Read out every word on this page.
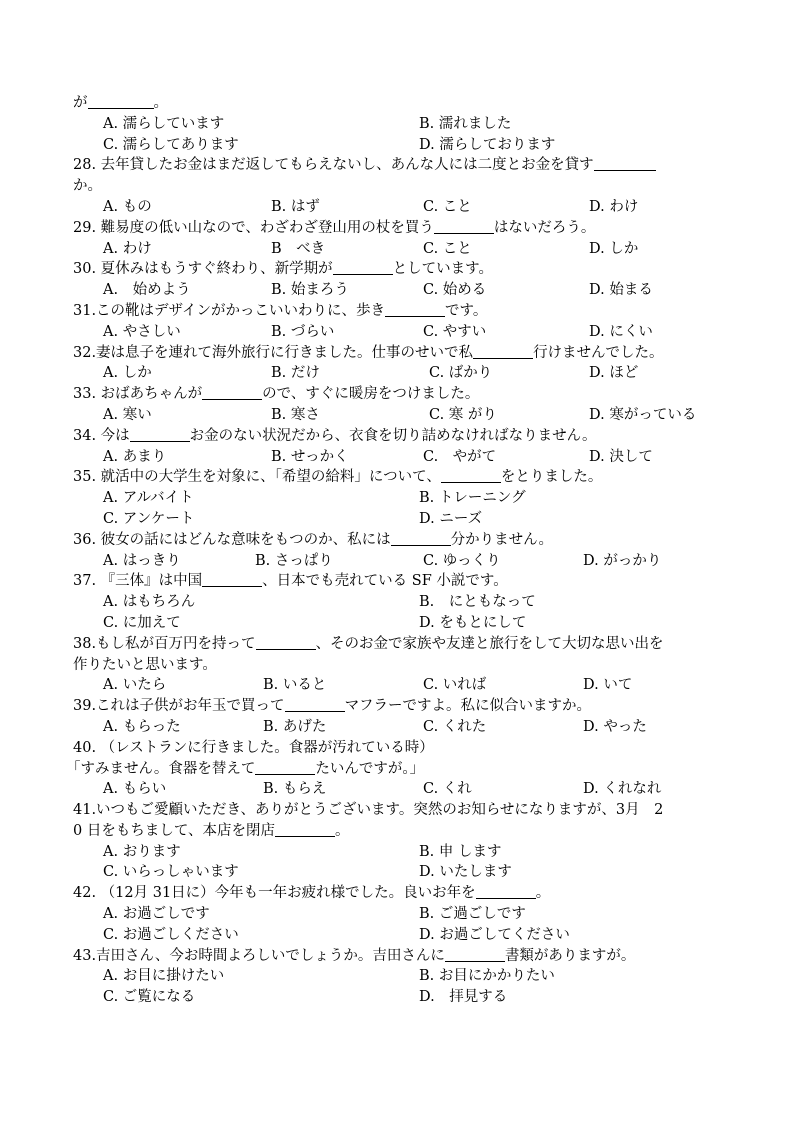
が	。
A. 濡らしています	B. 濡れました
C. 濡らしてあります	D. 濡らしております
28. 去年貸したお金はまだ返してもらえないし、あんな人には二度とお金を貸す
か。
A. もの	B. はず	C. こと	D. わけ
29. 難易度の低い山なので、わざわざ登山用の杖を買う	はないだろう。
A. わけ	B　べき	C. こと	D. しか
30. 夏休みはもうすぐ終わり、新学期が	としています。
A.　始めよう	B. 始まろう	C. 始める	D. 始まる
31.この靴はデザインがかっこいいわりに、歩き	です。
A. やさしい	B. づらい	C. やすい	D. にくい
32.妻は息子を連れて海外旅行に行きました。仕事のせいで私	行けませんでした。
A. しか	B. だけ	C. ばかり	D. ほど
33. おばあちゃんが	ので、すぐに暖房をつけました。
A. 寒い	B. 寒さ	C. 寒 がり	D. 寒がっている
34. 今は	お金のない状況だから、衣食を切り詰めなければなりません。
A. あまり	B. せっかく	C.　やがて	D. 決して
35. 就活中の大学生を対象に、「希望の給料」について、	をとりました。
A. アルバイト	B. トレーニング
C. アンケート	D. ニーズ
36. 彼女の話にはどんな意味をもつのか、私には	分かりません。
A. はっきり	B. さっぱり	C. ゆっくり	D. がっかり
37. 『三体』は中国	、日本でも売れている SF 小説です。
A. はもちろん	B.　にともなって
C. に加えて	D. をもとにして
38.もし私が百万円を持って	、そのお金で家族や友達と旅行をして大切な思い出を
作りたいと思います。
A. いたら	B. いると	C. いれば	D. いて
39.これは子供がお年玉で買って	マフラーですよ。私に似合いますか。
A. もらった	B. あげた	C. くれた	D. やった
40. （レストランに行きました。食器が汚れている時）
「すみません。食器を替えて	たいんですが。」
A. もらい	B. もらえ	C. くれ	D. くれなれ
41.いつもご愛顧いただき、ありがとうございます。突然のお知らせになりますが、3月　2
0 日をもちまして、本店を閉店	。
A. おります	B. 申 します
C. いらっしゃいます	D. いたします
42. （12月 31日に）今年も一年お疲れ様でした。良いお年を	。
A. お過ごしです	B. ご過ごしです
C. お過ごしください	D. お過ごしてください
43.吉田さん、今お時間よろしいでしょうか。吉田さんに	書類がありますが。
A. お目に掛けたい	B. お目にかかりたい
C. ご覧になる	D.　拝見する
